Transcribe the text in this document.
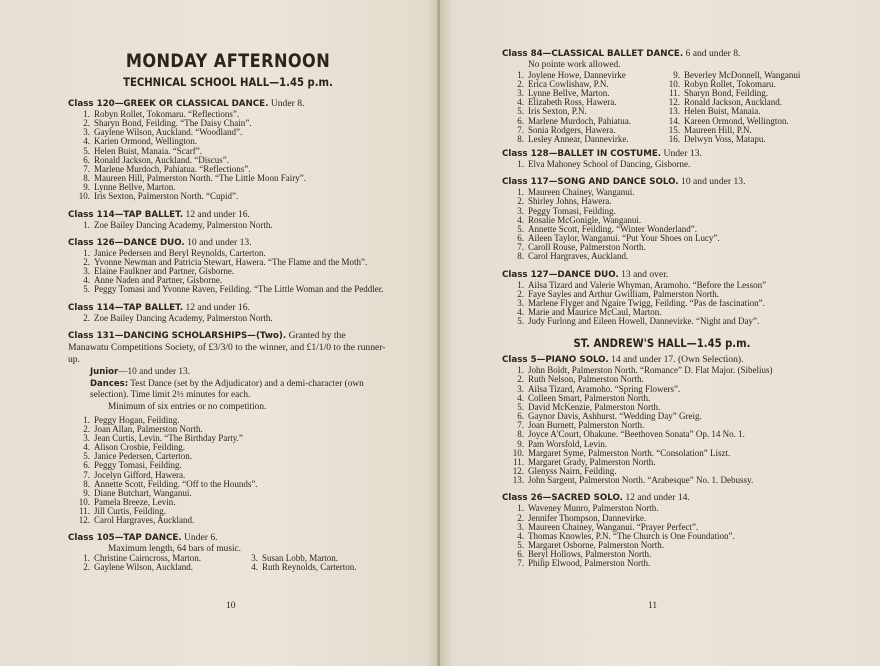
MONDAY AFTERNOON
TECHNICAL SCHOOL HALL—1.45 p.m.
Class 120—GREEK OR CLASSICAL DANCE. Under 8.
1. Robyn Rollet, Tokomaru. “Reflections”.
2. Sharyn Bond, Feilding. “The Daisy Chain”.
3. Gaylene Wilson, Auckland. “Woodland”.
4. Karien Ormond, Wellington.
5. Helen Buist, Manaia. “Scarf”.
6. Ronald Jackson, Auckland. “Discus”.
7. Marlene Murdoch, Pahiatua. “Reflections”.
8. Maureen Hill, Palmerston North. “The Little Moon Fairy”.
9. Lynne Bellve, Marton.
10. Iris Sexton, Palmerston North. “Cupid”.
Class 114—TAP BALLET. 12 and under 16.
1. Zoe Bailey Dancing Academy, Palmerston North.
Class 126—DANCE DUO. 10 and under 13.
1. Janice Pedersen and Beryl Reynolds, Carterton.
2. Yvonne Newman and Patricia Stewart, Hawera. “The Flame and the Moth”.
3. Elaine Faulkner and Partner, Gisborne.
4. Anne Naden and Partner, Gisborne.
5. Peggy Tomasi and Yvonne Raven, Feilding. “The Little Woman and the Peddler.
Class 114—TAP BALLET. 12 and under 16.
2. Zoe Bailey Dancing Academy, Palmerston North.
Class 131—DANCING SCHOLARSHIPS—(Two). Granted by the Manawatu Competitions Society, of £3/3/0 to the winner, and £1/1/0 to the runner-up.
Junior—10 and under 13.
Dances: Test Dance (set by the Adjudicator) and a demi-character (own selection). Time limit 2½ minutes for each.
Minimum of six entries or no competition.
1. Peggy Hogan, Feilding.
2. Joan Allan, Palmerston North.
3. Jean Curtis, Levin. “The Birthday Party.”
4. Alison Crosbie, Feilding.
5. Janice Pedersen, Carterton.
6. Peggy Tomasi, Feilding.
7. Jocelyn Gifford, Hawera.
8. Annette Scott, Feilding. “Off to the Hounds”.
9. Diane Butchart, Wanganui.
10. Pamela Breeze, Levin.
11. Jill Curtis, Feilding.
12. Carol Hargraves, Auckland.
Class 105—TAP DANCE. Under 6.
Maximum length, 64 bars of music.
1. Christine Cairncross, Marton.	3. Susan Lobb, Marton.
2. Gaylene Wilson, Auckland.	4. Ruth Reynolds, Carterton.
10
Class 84—CLASSICAL BALLET DANCE. 6 and under 8.
No pointe work allowed.
1. Joylene Howe, Dannevirke
2. Erica Cowlishaw, P.N.
3. Lynne Bellve, Marton.
4. Elizabeth Ross, Hawera.
5. Iris Sexton, P.N.
6. Marlene Murdoch, Pahiatua.
7. Sonia Rodgers, Hawera.
8. Lesley Annear, Dannevirke.
9. Beverley McDonnell, Wanganui
10. Robyn Rollet, Tokomaru.
11. Sharyn Bond, Feilding.
12. Ronald Jackson, Auckland.
13. Helen Buist, Manaia.
14. Kareen Ormond, Wellington.
15. Maureen Hill, P.N.
16. Delwyn Voss, Matapu.
Class 128—BALLET IN COSTUME. Under 13.
1. Elva Mahoney School of Dancing, Gisborne.
Class 117—SONG AND DANCE SOLO. 10 and under 13.
1. Maureen Chainey, Wanganui.
2. Shirley Johns, Hawera.
3. Peggy Tomasi, Feilding.
4. Rosalie McGonigle, Wanganui.
5. Annette Scott, Feilding. “Winter Wonderland”.
6. Aileen Taylor, Wanganui. “Put Your Shoes on Lucy”.
7. Caroll Rouse, Palmerston North.
8. Carol Hargraves, Auckland.
Class 127—DANCE DUO. 13 and over.
1. Ailsa Tizard and Valerie Whyman, Aramoho. “Before the Lesson”
2. Faye Sayles and Arthur Gwilliam, Palmerston North.
3. Marlene Flyger and Ngaire Twigg, Feilding. “Pas de fascination”.
4. Marie and Maurice McCaul, Marton.
5. Judy Furlong and Eileen Howell, Dannevirke. “Night and Day”.
ST. ANDREW'S HALL—1.45 p.m.
Class 5—PIANO SOLO. 14 and under 17. (Own Selection).
1. John Boldt, Palmerston North. “Romance” D. Flat Major. (Sibelius)
2. Ruth Nelson, Palmerston North.
3. Ailsa Tizard, Aramoho. “Spring Flowers”.
4. Colleen Smart, Palmerston North.
5. David McKenzie, Palmerston North.
6. Gaynor Davis, Ashhurst. “Wedding Day” Greig.
7. Joan Burnett, Palmerston North.
8. Joyce A'Court, Ohakune. “Beethoven Sonata” Op. 14 No. 1.
9. Pam Worsfold, Levin.
10. Margaret Syme, Palmerston North. “Consolation” Liszt.
11. Margaret Grady, Palmerston North.
12. Glenyss Nairn, Feilding.
13. John Sargent, Palmerston North. “Arabesque” No. 1. Debussy.
Class 26—SACRED SOLO. 12 and under 14.
1. Waveney Munro, Palmerston North.
2. Jennifer Thompson, Dannevirke.
3. Maureen Chainey, Wanganui. “Prayer Perfect”.
4. Thomas Knowles, P.N. “The Church is One Foundation”.
5. Margaret Osborne, Palmerston North.
6. Beryl Hollows, Palmerston North.
7. Philip Elwood, Palmerston North.
11
